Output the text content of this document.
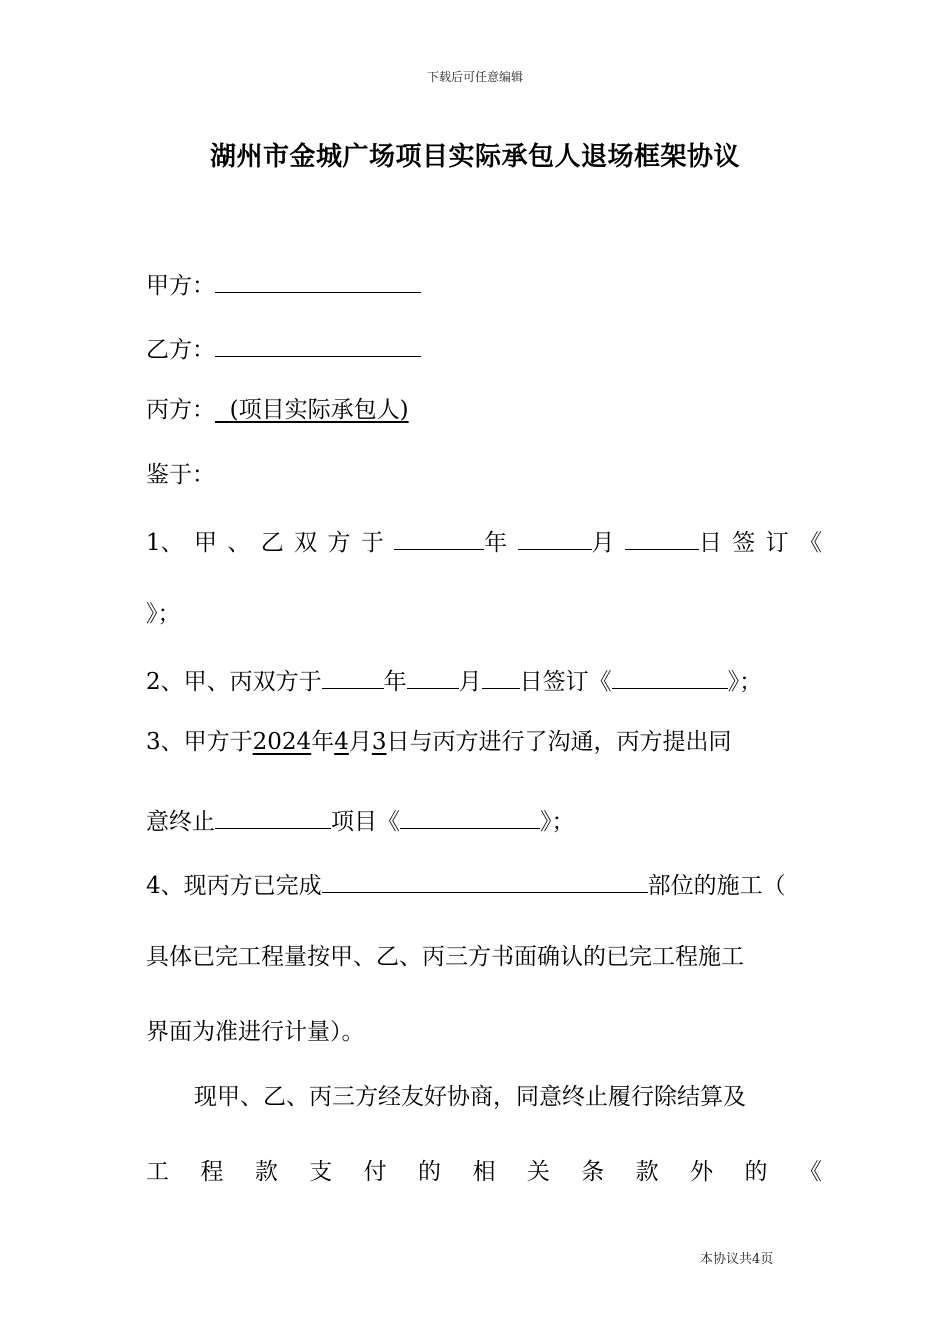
下载后可任意编辑
湖州市金城广场项目实际承包人退场框架协议
甲方：
乙方：
丙方： (项目实际承包人)
鉴于：
1、 甲 、 乙 双 方 于	年	月	日 签 订 《
》；
2、甲、丙双方于	年 月 日签订《	》；
3、甲方于2024年4月3日与丙方进行了沟通，丙方提出同
意终止	项目《	》；
4、现丙方已完成	部位的施工（
具体已完工程量按甲、乙、丙三方书面确认的已完工程施工
界面为准进行计量）。
现甲、乙、丙三方经友好协商，同意终止履行除结算及
工 程 款 支 付 的 相 关 条 款 外 的 《
本协议共4页
